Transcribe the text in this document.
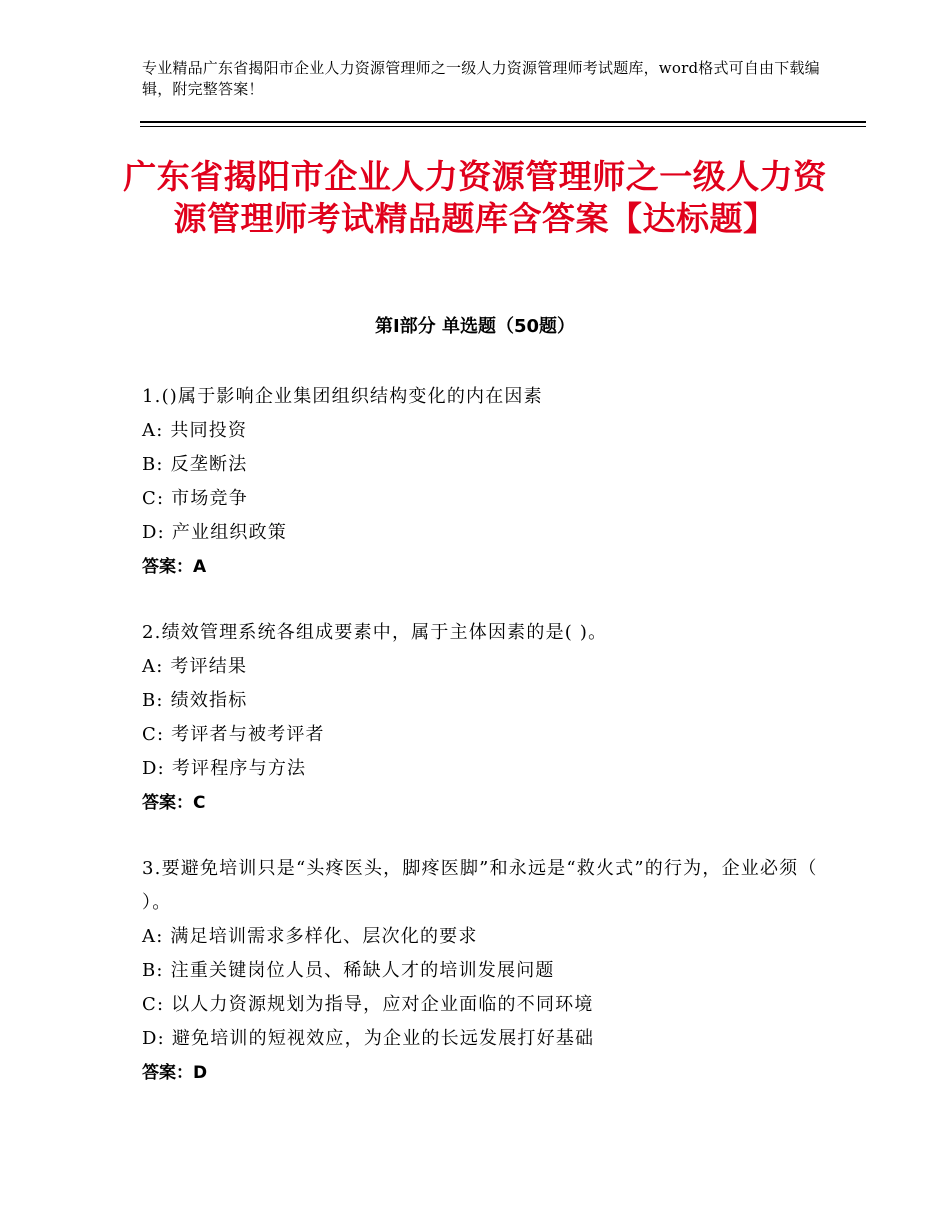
专业精品广东省揭阳市企业人力资源管理师之一级人力资源管理师考试题库，word格式可自由下载编辑，附完整答案！
广东省揭阳市企业人力资源管理师之一级人力资源管理师考试精品题库含答案【达标题】
第Ⅰ部分 单选题（50题）
1.()属于影响企业集团组织结构变化的内在因素
A: 共同投资
B: 反垄断法
C: 市场竞争
D: 产业组织政策
答案：A
2.绩效管理系统各组成要素中，属于主体因素的是( )。
A: 考评结果
B: 绩效指标
C: 考评者与被考评者
D: 考评程序与方法
答案：C
3.要避免培训只是“头疼医头，脚疼医脚”和永远是“救火式”的行为，企业必须（ ）。
A: 满足培训需求多样化、层次化的要求
B: 注重关键岗位人员、稀缺人才的培训发展问题
C: 以人力资源规划为指导，应对企业面临的不同环境
D: 避免培训的短视效应，为企业的长远发展打好基础
答案：D
